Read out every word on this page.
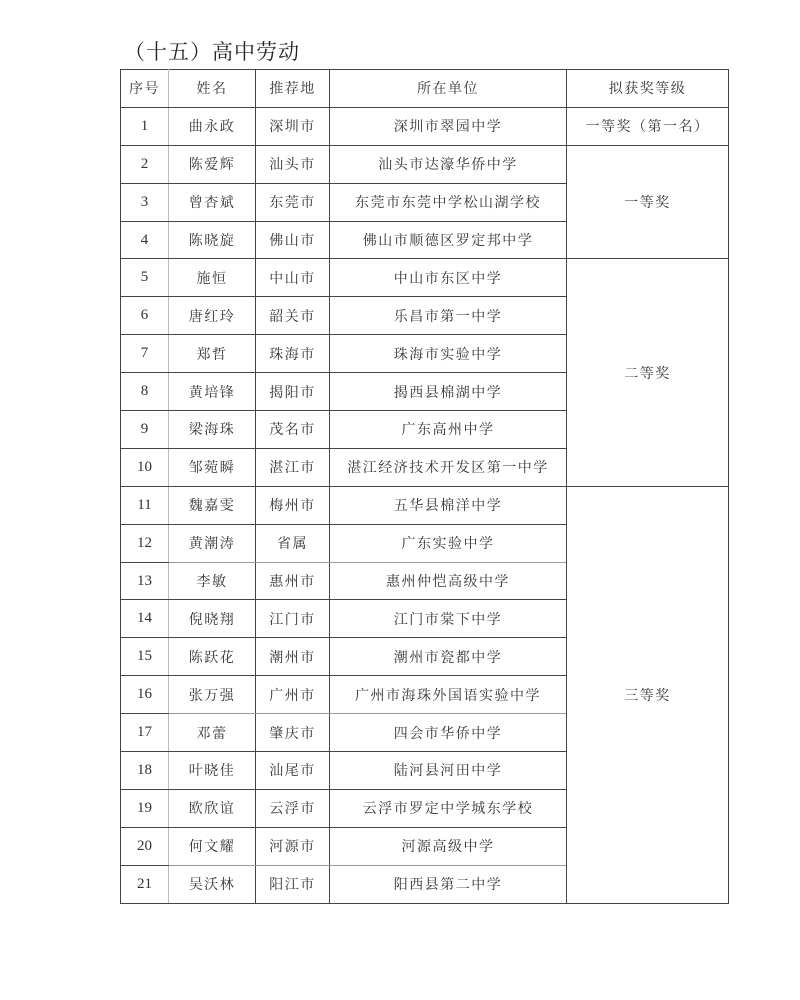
（十五）高中劳动
序号	姓名	推荐地	所在单位	拟获奖等级
1	曲永政	深圳市	深圳市翠园中学	一等奖（第一名）
2	陈爱辉	汕头市	汕头市达濠华侨中学	一等奖
3	曾杏斌	东莞市	东莞市东莞中学松山湖学校	
4	陈晓旋	佛山市	佛山市顺德区罗定邦中学	
5	施恒	中山市	中山市东区中学	二等奖
6	唐红玲	韶关市	乐昌市第一中学	
7	郑哲	珠海市	珠海市实验中学	
8	黄培锋	揭阳市	揭西县棉湖中学	
9	梁海珠	茂名市	广东高州中学	
10	邹菀瞬	湛江市	湛江经济技术开发区第一中学	
11	魏嘉雯	梅州市	五华县棉洋中学	三等奖
12	黄潮涛	省属	广东实验中学	
13	李敏	惠州市	惠州仲恺高级中学	
14	倪晓翔	江门市	江门市棠下中学	
15	陈跃花	潮州市	潮州市瓷都中学	
16	张万强	广州市	广州市海珠外国语实验中学	
17	邓蕾	肇庆市	四会市华侨中学	
18	叶晓佳	汕尾市	陆河县河田中学	
19	欧欣谊	云浮市	云浮市罗定中学城东学校	
20	何文耀	河源市	河源高级中学	
21	吴沃林	阳江市	阳西县第二中学	
